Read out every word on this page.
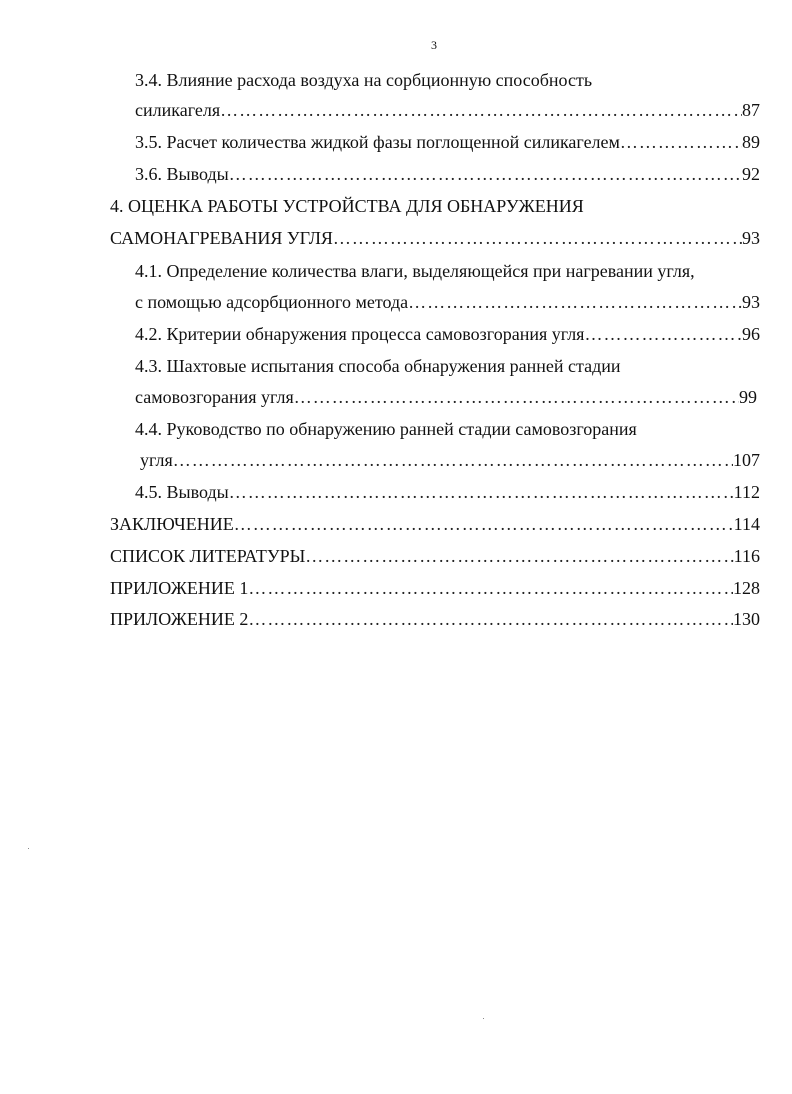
3
3.4. Влияние расхода воздуха на сорбционную способность
силикагеля ………………………………………………………………………………………………………………………………………………………………………………………………	87
3.5. Расчет количества жидкой фазы поглощенной силикагелем ………………………………………………………………………………………………………………………………………………………………………………………………	89
3.6. Выводы ………………………………………………………………………………………………………………………………………………………………………………………………	92
4. ОЦЕНКА РАБОТЫ УСТРОЙСТВА ДЛЯ ОБНАРУЖЕНИЯ
САМОНАГРЕВАНИЯ УГЛЯ ………………………………………………………………………………………………………………………………………………………………………………………………	93
4.1. Определение количества влаги, выделяющейся при нагревании угля,
с помощью адсорбционного метода ………………………………………………………………………………………………………………………………………………………………………………………………	93
4.2. Критерии обнаружения процесса самовозгорания угля ………………………………………………………………………………………………………………………………………………………………………………………………	96
4.3. Шахтовые испытания способа обнаружения ранней стадии
самовозгорания угля ………………………………………………………………………………………………………………………………………………………………………………………………	99
4.4. Руководство по обнаружению ранней стадии самовозгорания
угля ………………………………………………………………………………………………………………………………………………………………………………………………	107
4.5. Выводы ………………………………………………………………………………………………………………………………………………………………………………………………	112
ЗАКЛЮЧЕНИЕ ………………………………………………………………………………………………………………………………………………………………………………………………	114
СПИСОК ЛИТЕРАТУРЫ ………………………………………………………………………………………………………………………………………………………………………………………………	116
ПРИЛОЖЕНИЕ 1 ………………………………………………………………………………………………………………………………………………………………………………………………	128
ПРИЛОЖЕНИЕ 2 ………………………………………………………………………………………………………………………………………………………………………………………………	130
